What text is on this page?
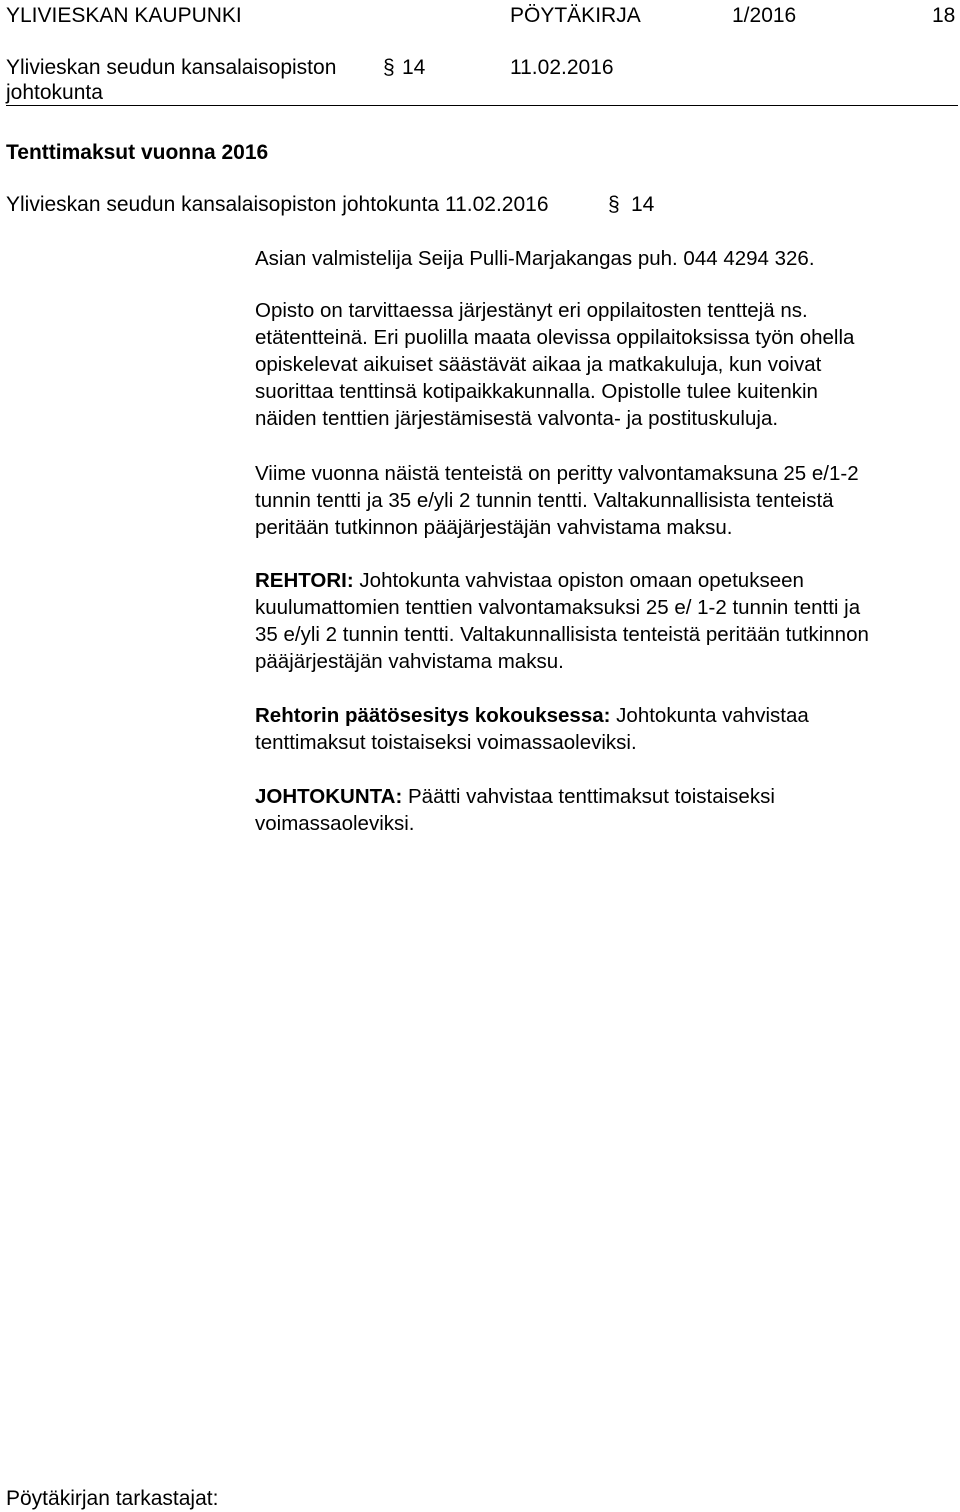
YLIVIESKAN KAUPUNKI	PÖYTÄKIRJA	1/2016	18
Ylivieskan seudun kansalaisopiston § 14	11.02.2016
johtokunta
Tenttimaksut vuonna 2016
Ylivieskan seudun kansalaisopiston johtokunta 11.02.2016	§ 14
Asian valmistelija Seija Pulli-Marjakangas puh. 044 4294 326.
Opisto on tarvittaessa järjestänyt eri oppilaitosten tenttejä ns.
etätentteinä. Eri puolilla maata olevissa oppilaitoksissa työn ohella
opiskelevat aikuiset säästävät aikaa ja matkakuluja, kun voivat
suorittaa tenttinsä kotipaikkakunnalla. Opistolle tulee kuitenkin
näiden tenttien järjestämisestä valvonta- ja postituskuluja.
Viime vuonna näistä tenteistä on peritty valvontamaksuna 25 e/1-2
tunnin tentti ja 35 e/yli 2 tunnin tentti. Valtakunnallisista tenteistä
peritään tutkinnon pääjärjestäjän vahvistama maksu.
REHTORI: Johtokunta vahvistaa opiston omaan opetukseen
kuulumattomien tenttien valvontamaksuksi 25 e/ 1-2 tunnin tentti ja
35 e/yli 2 tunnin tentti. Valtakunnallisista tenteistä peritään tutkinnon
pääjärjestäjän vahvistama maksu.
Rehtorin päätösesitys kokouksessa: Johtokunta vahvistaa
tenttimaksut toistaiseksi voimassaoleviksi.
JOHTOKUNTA: Päätti vahvistaa tenttimaksut toistaiseksi
voimassaoleviksi.
Pöytäkirjan tarkastajat:
